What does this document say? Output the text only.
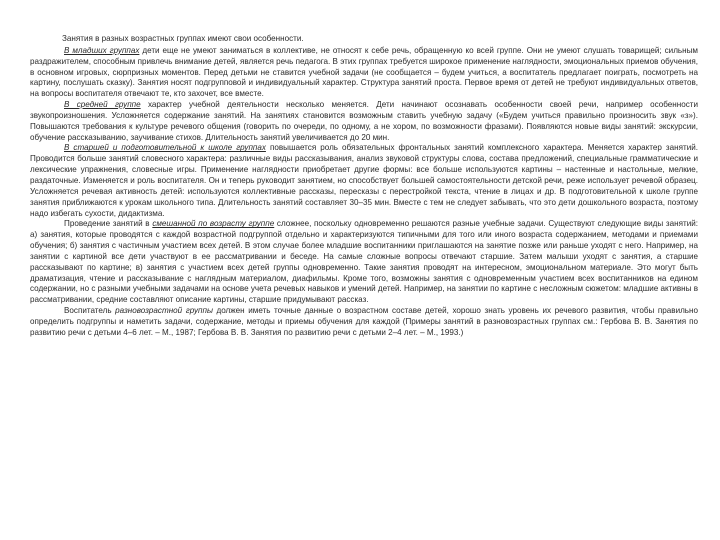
Занятия в разных возрастных группах имеют свои особенности.

В младших группах дети еще не умеют заниматься в коллективе, не относят к себе речь, обращенную ко всей группе. Они не умеют слушать товарищей; сильным раздражителем, способным привлечь внимание детей, является речь педагога. В этих группах требуется широкое применение наглядности, эмоциональных приемов обучения, в основном игровых, сюрпризных моментов. Перед детьми не ставится учебной задачи (не сообщается – будем учиться, а воспитатель предлагает поиграть, посмотреть на картину, послушать сказку). Занятия носят подгрупповой и индивидуальный характер. Структура занятий проста. Первое время от детей не требуют индивидуальных ответов, на вопросы воспитателя отвечают те, кто захочет, все вместе.

В средней группе характер учебной деятельности несколько меняется. Дети начинают осознавать особенности своей речи, например особенности звукопроизношения. Усложняется содержание занятий. На занятиях становится возможным ставить учебную задачу («Будем учиться правильно произносить звук «з»). Повышаются требования к культуре речевого общения (говорить по очереди, по одному, а не хором, по возможности фразами). Появляются новые виды занятий: экскурсии, обучение рассказыванию, заучивание стихов. Длительность занятий увеличивается до 20 мин.

В старшей и подготовительной к школе группах повышается роль обязательных фронтальных занятий комплексного характера. Меняется характер занятий. Проводится больше занятий словесного характера: различные виды рассказывания, анализ звуковой структуры слова, состава предложений, специальные грамматические и лексические упражнения, словесные игры. Применение наглядности приобретает другие формы: все больше используются картины – настенные и настольные, мелкие, раздаточные. Изменяется и роль воспитателя. Он и теперь руководит занятием, но способствует большей самостоятельности детской речи, реже использует речевой образец. Усложняется речевая активность детей: используются коллективные рассказы, пересказы с перестройкой текста, чтение в лицах и др. В подготовительной к школе группе занятия приближаются к урокам школьного типа. Длительность занятий составляет 30–35 мин. Вместе с тем не следует забывать, что это дети дошкольного возраста, поэтому надо избегать сухости, дидактизма.

Проведение занятий в смешанной по возрасту группе сложнее, поскольку одновременно решаются разные учебные задачи. Существуют следующие виды занятий: а) занятия, которые проводятся с каждой возрастной подгруппой отдельно и характеризуются типичными для того или иного возраста содержанием, методами и приемами обучения; б) занятия с частичным участием всех детей. В этом случае более младшие воспитанники приглашаются на занятие позже или раньше уходят с него. Например, на занятии с картиной все дети участвуют в ее рассматривании и беседе. На самые сложные вопросы отвечают старшие. Затем малыши уходят с занятия, а старшие рассказывают по картине; в) занятия с участием всех детей группы одновременно. Такие занятия проводят на интересном, эмоциональном материале. Это могут быть драматизация, чтение и рассказывание с наглядным материалом, диафильмы. Кроме того, возможны занятия с одновременным участием всех воспитанников на едином содержании, но с разными учебными задачами на основе учета речевых навыков и умений детей. Например, на занятии по картине с несложным сюжетом: младшие активны в рассматривании, средние составляют описание картины, старшие придумывают рассказ.

Воспитатель разновозрастной группы должен иметь точные данные о возрастном составе детей, хорошо знать уровень их речевого развития, чтобы правильно определить подгруппы и наметить задачи, содержание, методы и приемы обучения для каждой (Примеры занятий в разновозрастных группах см.: Гербова В. В. Занятия по развитию речи с детьми 4–6 лет. – М., 1987; Гербова В. В. Занятия по развитию речи с детьми 2–4 лет. – М., 1993.)
